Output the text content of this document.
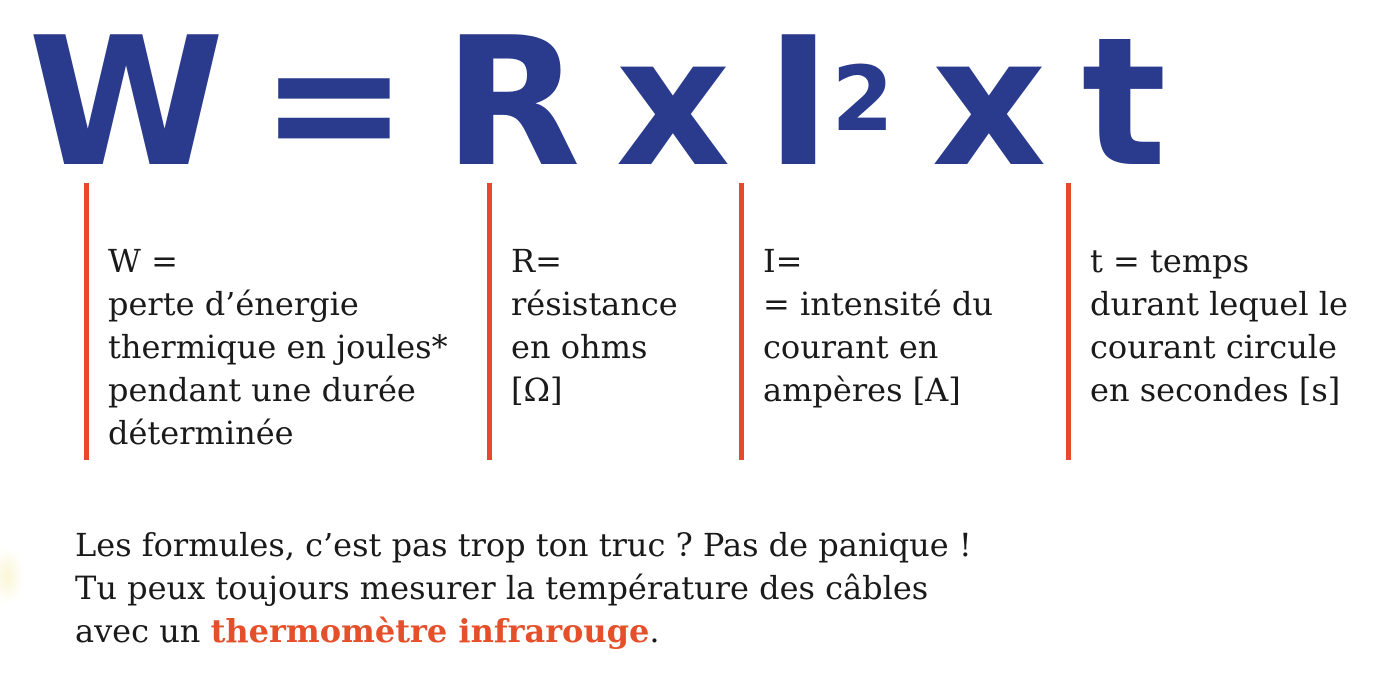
W = R x $I^2$ x t
W =
perte d’énergie
thermique en joules*
pendant une durée
déterminée
R=
résistance
en ohms
[Ω]
I=
= intensité du
courant en
ampères [A]
t = temps
durant lequel le
courant circule
en secondes [s]

Les formules, c’est pas trop ton truc ? Pas de panique !
Tu peux toujours mesurer la température des câbles
avec un thermomètre infrarouge.
